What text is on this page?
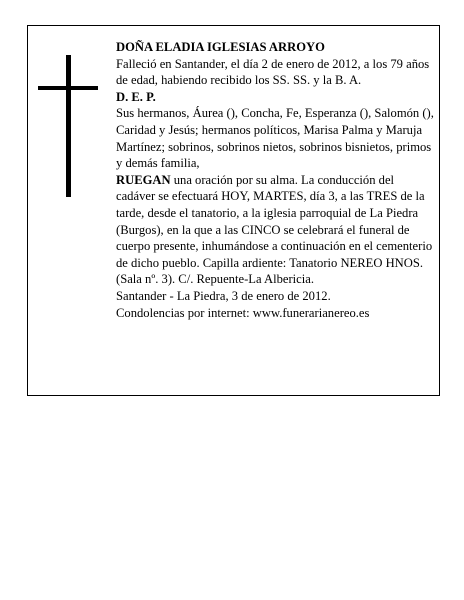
DOÑA ELADIA IGLESIAS ARROYO

Falleció en Santander, el día 2 de enero de 2012, a los 79 años de edad, habiendo recibido los SS. SS. y la B. A.

D. E. P.

Sus hermanos, Áurea (), Concha, Fe, Esperanza (), Salomón (), Caridad y Jesús; hermanos políticos, Marisa Palma y Maruja Martínez; sobrinos, sobrinos nietos, sobrinos bisnietos, primos y demás familia,

RUEGAN una oración por su alma. La conducción del cadáver se efectuará HOY, MARTES, día 3, a las TRES de la tarde, desde el tanatorio, a la iglesia parroquial de La Piedra (Burgos), en la que a las CINCO se celebrará el funeral de cuerpo presente, inhumándose a continuación en el cementerio de dicho pueblo. Capilla ardiente: Tanatorio NEREO HNOS. (Sala nº. 3). C/. Repuente-La Albericia.

Santander - La Piedra, 3 de enero de 2012.

Condolencias por internet: www.funerarianereo.es
